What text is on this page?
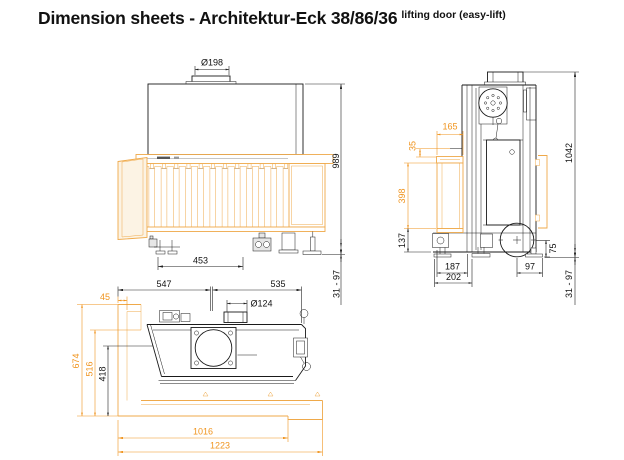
Dimension sheets - Architektur-Eck 38/86/36 $^{lifting door (easy-lift)}$
453
989
31 - 97
Ø198
165
35
398
137
187
202
97
75
1042
31 - 97
45
547	535
Ø124
674
516 418
1016
1223
